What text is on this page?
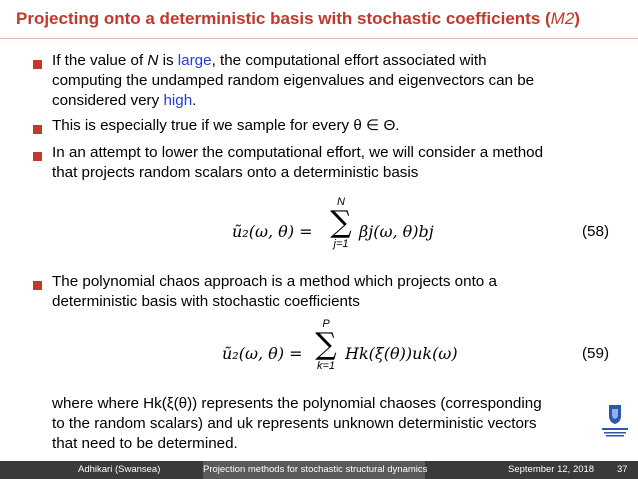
Projecting onto a deterministic basis with stochastic coefficients (M2)
If the value of N is large, the computational effort associated with
computing the undamped random eigenvalues and eigenvectors can be
considered very high.
This is especially true if we sample for every θ ∈ Θ.
In an attempt to lower the computational effort, we will consider a method
that projects random scalars onto a deterministic basis
ũ₂(ω, θ) =
N
∑
j=1
βj(ω, θ)bj	(58)
The polynomial chaos approach is a method which projects onto a
deterministic basis with stochastic coefficients
ũ₂(ω, θ) =
P
∑
k=1
Hk(ξ(θ))uk(ω)	(59)
where where Hk(ξ(θ)) represents the polynomial chaoses (corresponding
to the random scalars) and uk represents unknown deterministic vectors
that need to be determined.
Adhikari (Swansea)	Projection methods for stochastic structural dynamics	September 12, 2018 37
